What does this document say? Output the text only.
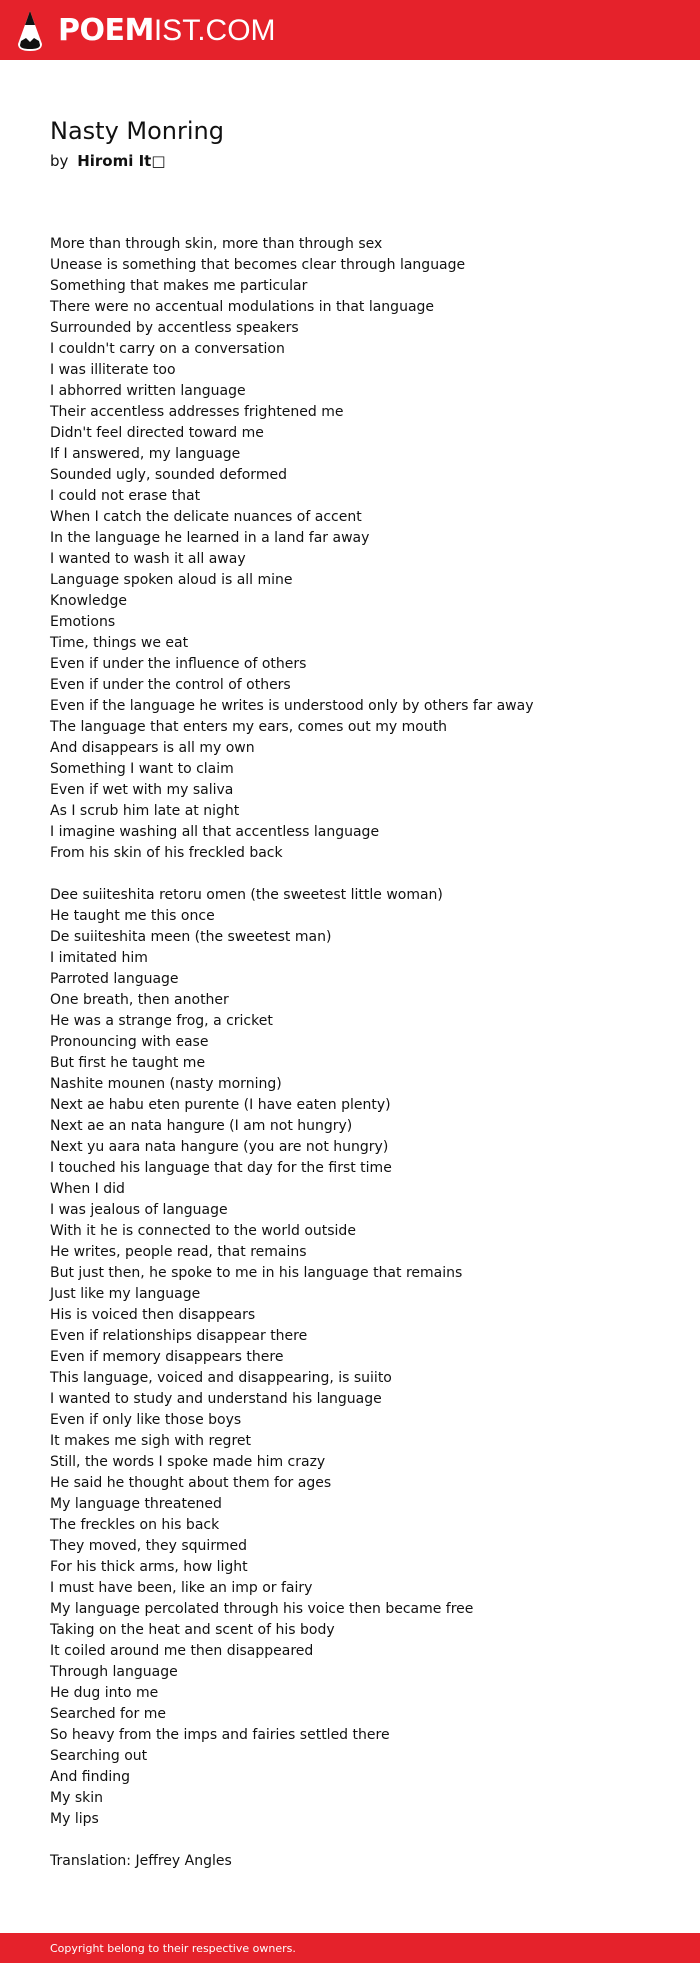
POEMIST.COM
Nasty Monring
by Hiromi It□
More than through skin, more than through sex
Unease is something that becomes clear through language
Something that makes me particular
There were no accentual modulations in that language
Surrounded by accentless speakers
I couldn't carry on a conversation
I was illiterate too
I abhorred written language
Their accentless addresses frightened me
Didn't feel directed toward me
If I answered, my language
Sounded ugly, sounded deformed
I could not erase that
When I catch the delicate nuances of accent
In the language he learned in a land far away
I wanted to wash it all away
Language spoken aloud is all mine
Knowledge
Emotions
Time, things we eat
Even if under the influence of others
Even if under the control of others
Even if the language he writes is understood only by others far away
The language that enters my ears, comes out my mouth
And disappears is all my own
Something I want to claim
Even if wet with my saliva
As I scrub him late at night
I imagine washing all that accentless language
From his skin of his freckled back
Dee suiiteshita retoru omen (the sweetest little woman)
He taught me this once
De suiiteshita meen (the sweetest man)
I imitated him
Parroted language
One breath, then another
He was a strange frog, a cricket
Pronouncing with ease
But first he taught me
Nashite mounen (nasty morning)
Next ae habu eten purente (I have eaten plenty)
Next ae an nata hangure (I am not hungry)
Next yu aara nata hangure (you are not hungry)
I touched his language that day for the first time
When I did
I was jealous of language
With it he is connected to the world outside
He writes, people read, that remains
But just then, he spoke to me in his language that remains
Just like my language
His is voiced then disappears
Even if relationships disappear there
Even if memory disappears there
This language, voiced and disappearing, is suiito
I wanted to study and understand his language
Even if only like those boys
It makes me sigh with regret
Still, the words I spoke made him crazy
He said he thought about them for ages
My language threatened
The freckles on his back
They moved, they squirmed
For his thick arms, how light
I must have been, like an imp or fairy
My language percolated through his voice then became free
Taking on the heat and scent of his body
It coiled around me then disappeared
Through language
He dug into me
Searched for me
So heavy from the imps and fairies settled there
Searching out
And finding
My skin
My lips
Translation: Jeffrey Angles
Copyright belong to their respective owners.
